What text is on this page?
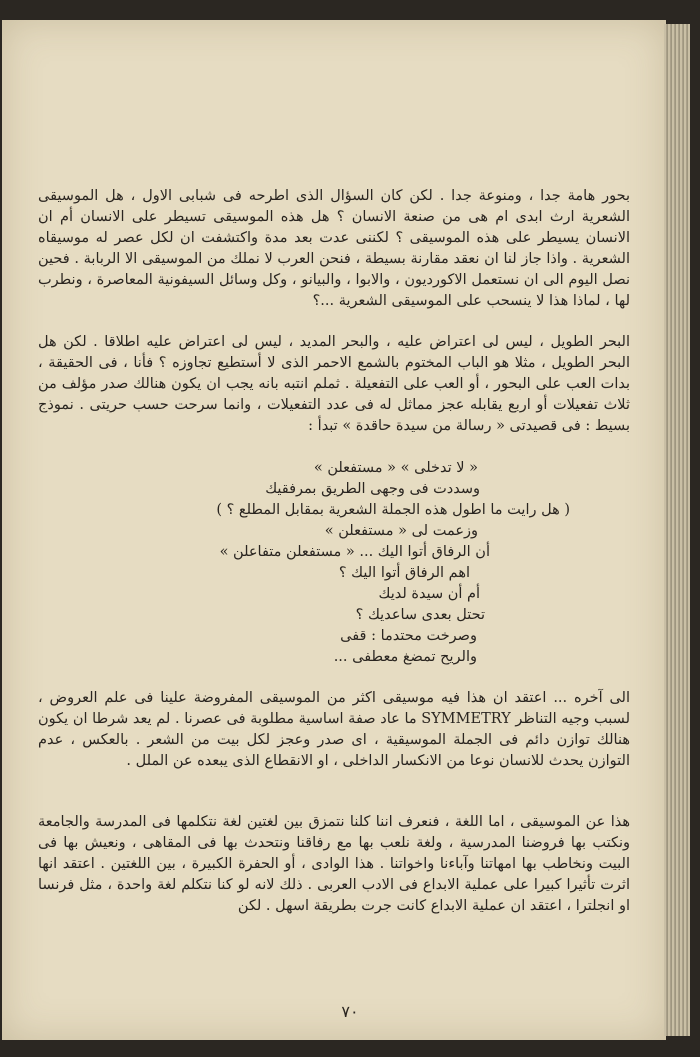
بحور هامة جدا ، ومنوعة جدا . لكن كان السؤال الذى اطرحه فى شبابى الاول ، هل الموسيقى الشعرية ارث ابدى ام هى من صنعة الانسان ؟ هل هذه الموسيقى تسيطر على الانسان أم ان الانسان يسيطر على هذه الموسيقى ؟ لكننى عدت بعد مدة واكتشفت ان لكل عصر له موسيقاه الشعرية . واذا جاز لنا ان نعقد مقارنة بسيطة ، فنحن العرب لا نملك من الموسيقى الا الربابة . فحين نصل اليوم الى ان نستعمل الاكورديون ، والابوا ، والبيانو ، وكل وسائل السيفونية المعاصرة ، ونطرب لها ، لماذا هذا لا ينسحب على الموسيقى الشعرية ...؟

البحر الطويل ، ليس لى اعتراض عليه ، والبحر المديد ، ليس لى اعتراض عليه اطلاقا . لكن هل البحر الطويل ، مثلا هو الباب المختوم بالشمع الاحمر الذى لا أستطيع تجاوزه ؟ فأنا ، فى الحقيقة ، بدات العب على البحور ، أو العب على التفعيلة . ثملم انتبه بانه يجب ان يكون هنالك صدر مؤلف من ثلاث تفعيلات أو اربع يقابله عجز مماثل له فى عدد التفعيلات ، وانما سرحت حسب حريتى . نموذج بسيط : فى قصيدتى « رسالة من سيدة حاقدة » تبدأ :

« لا تدخلى » « مستفعلن »
وسددت فى وجهى الطريق بمرفقيك
( هل رايت ما اطول هذه الجملة الشعرية بمقابل المطلع ؟ )
وزعمت لى « مستفعلن »
أن الرفاق أتوا اليك ... « مستفعلن متفاعلن »
اهم الرفاق أتوا اليك ؟
أم أن سيدة لديك
تحتل بعدى ساعديك ؟
وصرخت محتدما : قفى
والريح تمضغ معطفى ...

الى آخره ... اعتقد ان هذا فيه موسيقى اكثر من الموسيقى المفروضة علينا فى علم العروض ، لسبب وجيه التناظر SYMMETRY ما عاد صفة اساسية مطلوبة فى عصرنا . لم يعد شرطا ان يكون هنالك توازن دائم فى الجملة الموسيقية ، اى صدر وعجز لكل بيت من الشعر . بالعكس ، عدم التوازن يحدث للانسان نوعا من الانكسار الداخلى ، او الانقطاع الذى يبعده عن الملل .

هذا عن الموسيقى ، اما اللغة ، فنعرف اننا كلنا نتمزق بين لغتين لغة نتكلمها فى المدرسة والجامعة ونكتب بها فروضنا المدرسية ، ولغة نلعب بها مع رفاقنا ونتحدث بها فى المقاهى ، ونعيش بها فى البيت ونخاطب بها امهاتنا وآباءنا واخواتنا . هذا الوادى ، أو الحفرة الكبيرة ، بين اللغتين . اعتقد انها اثرت تأثيرا كبيرا على عملية الابداع فى الادب العربى . ذلك لانه لو كنا نتكلم لغة واحدة ، مثل فرنسا او انجلترا ، اعتقد ان عملية الابداع كانت جرت بطريقة اسهل . لكن

٧٠
